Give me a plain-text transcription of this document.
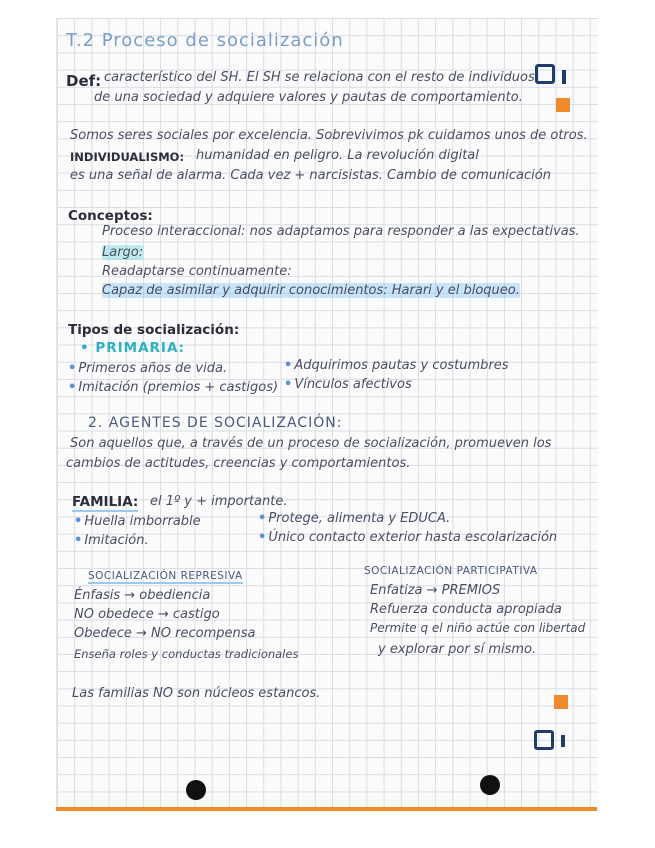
T.2 Proceso de socialización
Def: característico del SH. El SH se relaciona con el resto de individuos
de una sociedad y adquiere valores y pautas de comportamiento.
Somos seres sociales por excelencia. Sobrevivimos pk cuidamos unos de otros.
INDIVIDUALISMO: humanidad en peligro. La revolución digital
es una señal de alarma. Cada vez + narcisistas. Cambio de comunicación
Conceptos:
Proceso interaccional: nos adaptamos para responder a las expectativas.
Largo:
Readaptarse continuamente:
Capaz de asimilar y adquirir conocimientos: Harari y el bloqueo.
Tipos de socialización:
• PRIMARIA:
• Primeros años de vida.
• Imitación (premios + castigos)
• Adquirimos pautas y costumbres
• Vínculos afectivos
2. AGENTES DE SOCIALIZACIÓN:
Son aquellos que, a través de un proceso de socialización, promueven los
cambios de actitudes, creencias y comportamientos.
FAMILIA: el 1º y + importante.
• Huella imborrable
• Imitación.
• Protege, alimenta y EDUCA.
• Único contacto exterior hasta escolarización
SOCIALIZACIÓN REPRESIVA
Énfasis → obediencia
NO obedece → castigo
Obedece → NO recompensa
Enseña roles y conductas tradicionales
SOCIALIZACIÓN PARTICIPATIVA
Enfatiza → PREMIOS
Refuerza conducta apropiada
Permite q el niño actúe con libertad
y explorar por sí mismo.
Las familias NO son núcleos estancos.
